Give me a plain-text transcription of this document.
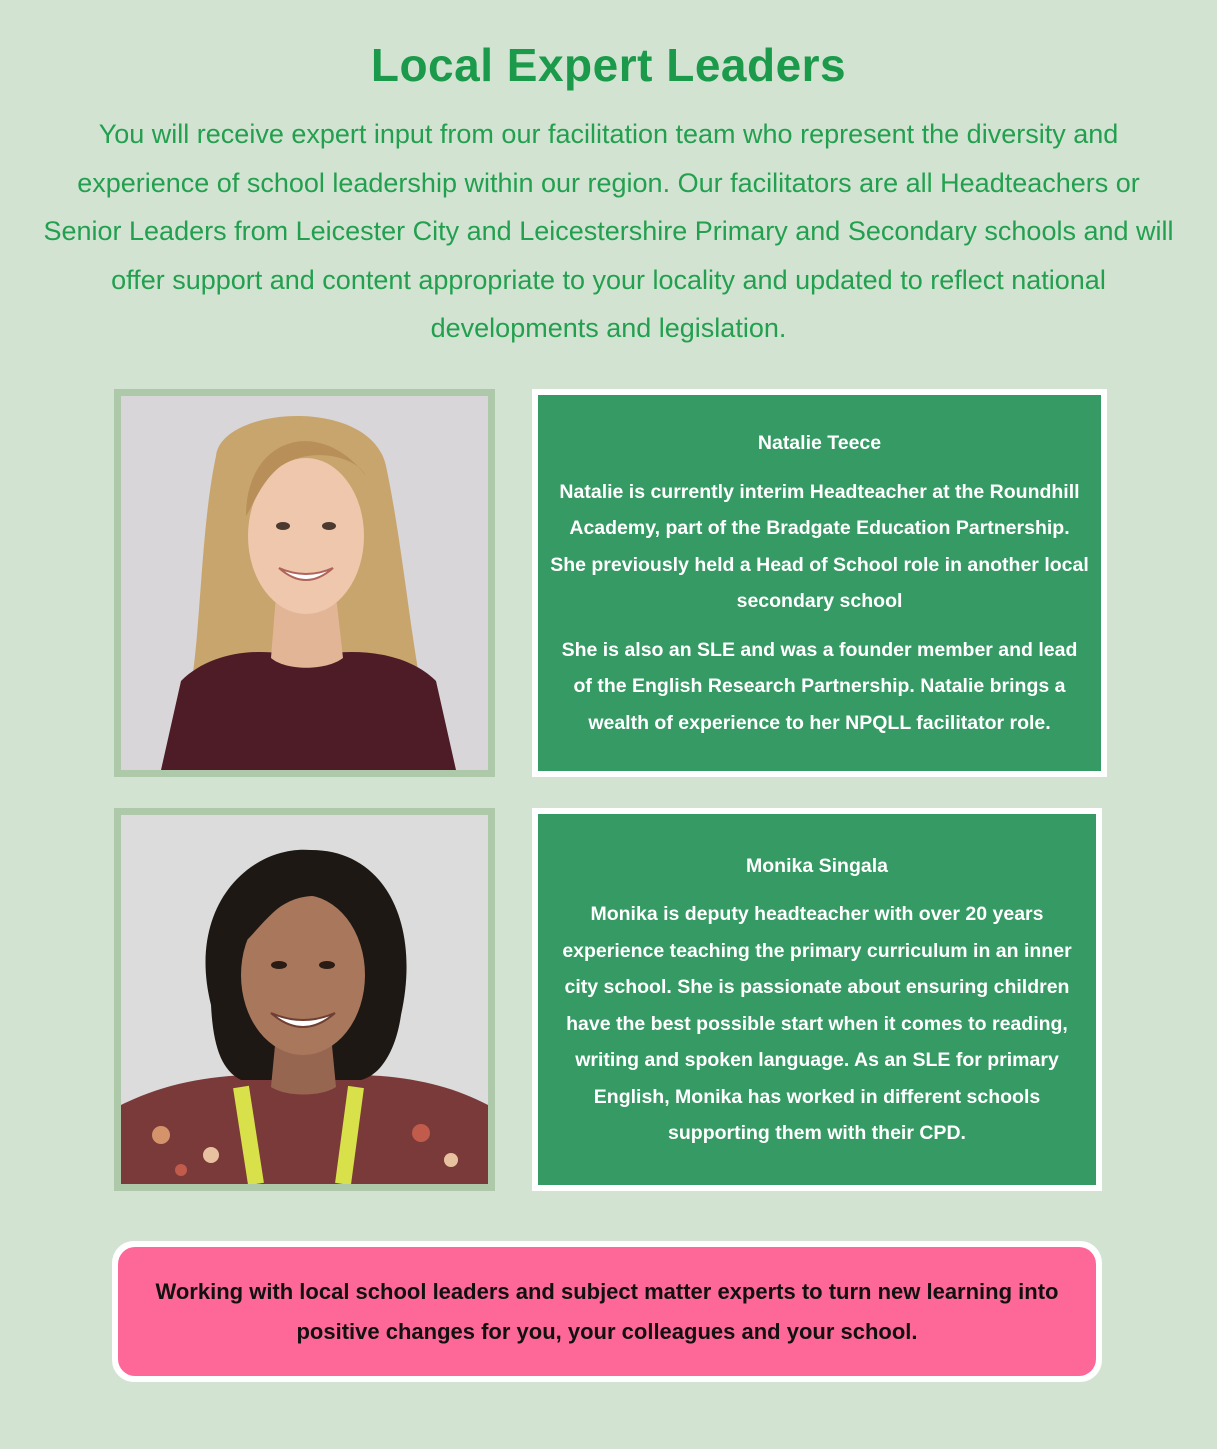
Local Expert Leaders
You will receive expert input from our facilitation team who represent the diversity and experience of school leadership within our region. Our facilitators are all Headteachers or Senior Leaders from Leicester City and Leicestershire Primary and Secondary schools and will offer support and content appropriate to your locality and updated to reflect national developments and legislation.
Natalie Teece

Natalie is currently interim Headteacher at the Roundhill Academy, part of the Bradgate Education Partnership. She previously held a Head of School role in another local secondary school

She is also an SLE and was a founder member and lead of the English Research Partnership. Natalie brings a wealth of experience to her NPQLL facilitator role.

Monika Singala

Monika is deputy headteacher with over 20 years experience teaching the primary curriculum in an inner city school. She is passionate about ensuring children have the best possible start when it comes to reading, writing and spoken language. As an SLE for primary English, Monika has worked in different schools supporting them with their CPD.

Working with local school leaders and subject matter experts to turn new learning into positive changes for you, your colleagues and your school.
